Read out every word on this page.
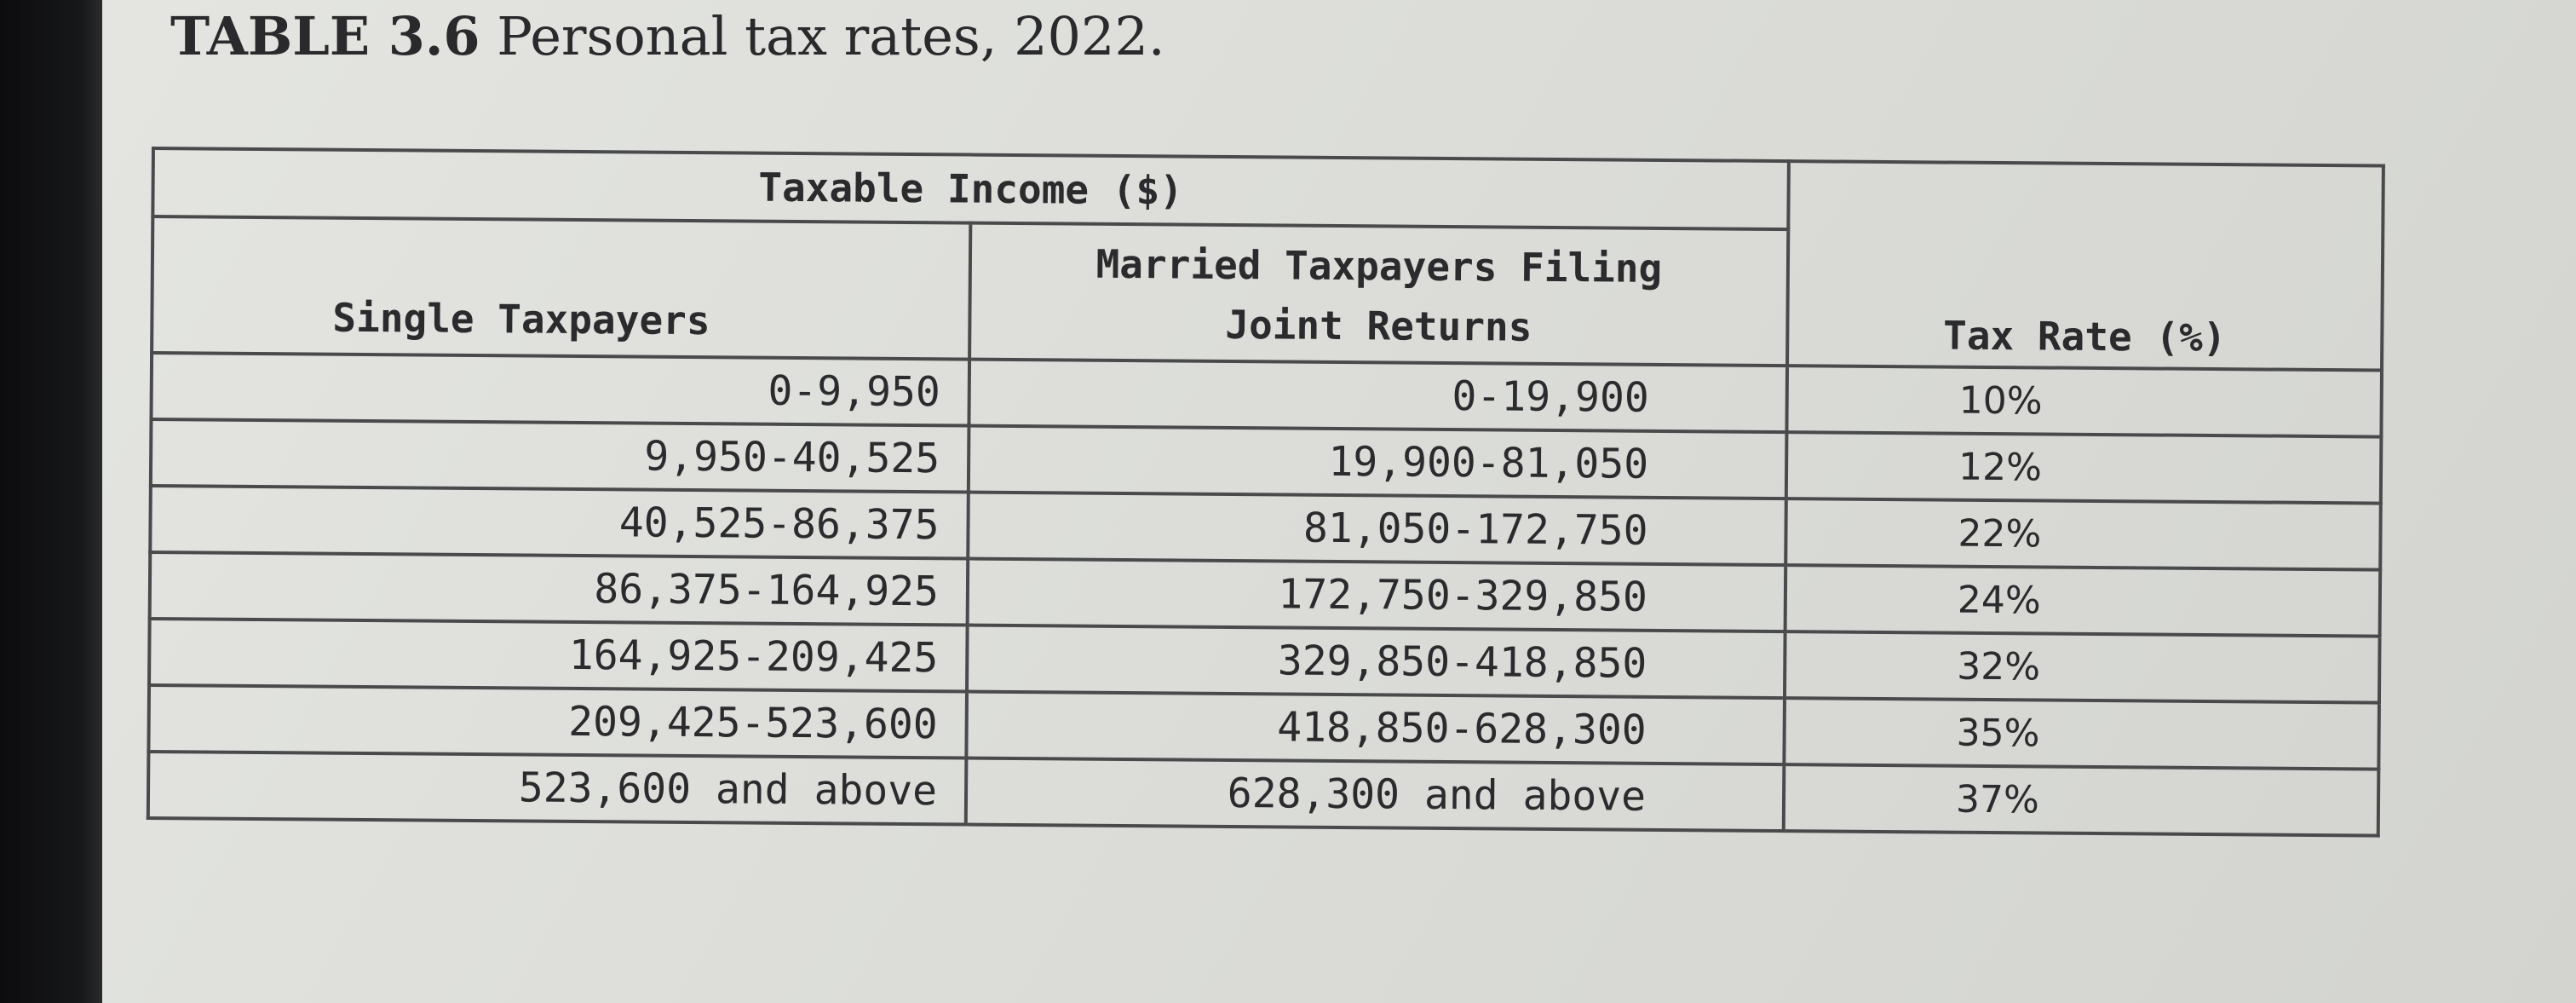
TABLE 3.6 Personal tax rates, 2022.
Taxable Income ($)		Tax Rate (%)
Single Taxpayers	Married Taxpayers Filing
Joint Returns	

0-9,950	0-19,900	10%
9,950-40,525	19,900-81,050	12%
40,525-86,375	81,050-172,750	22%
86,375-164,925	172,750-329,850	24%
164,925-209,425	329,850-418,850	32%
209,425-523,600	418,850-628,300	35%
523,600 and above	628,300 and above	37%
